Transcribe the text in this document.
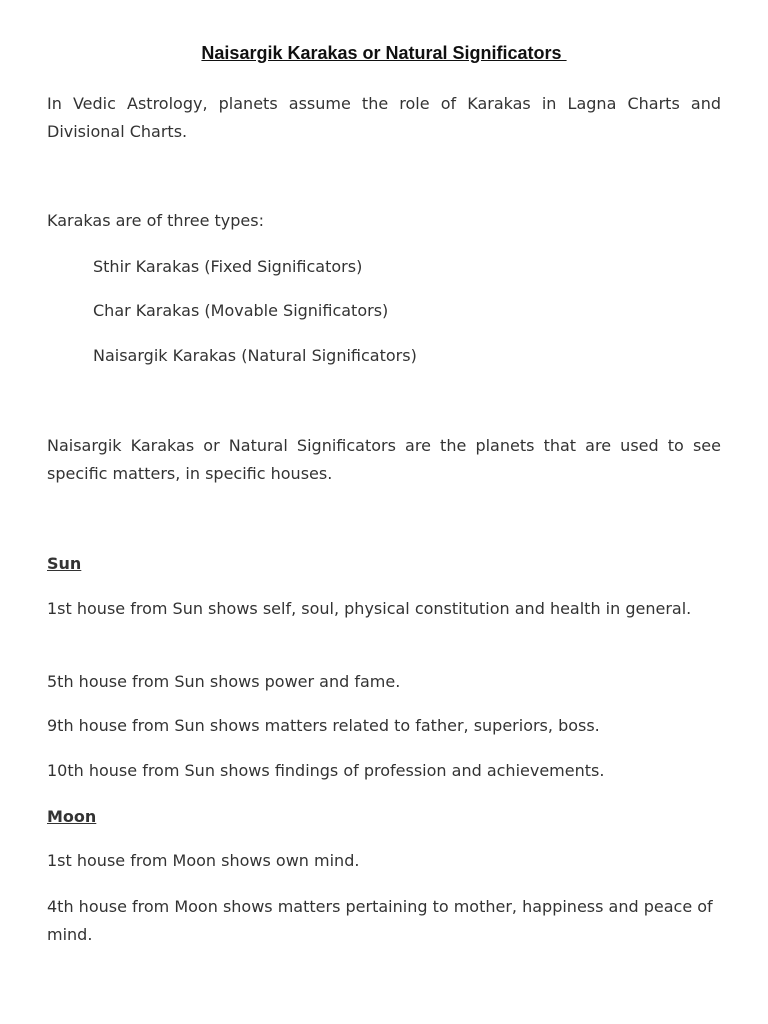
Naisargik Karakas or Natural Significators

In Vedic Astrology, planets assume the role of Karakas in Lagna Charts and Divisional Charts.

Karakas are of three types:

Sthir Karakas (Fixed Significators)

Char Karakas (Movable Significators)

Naisargik Karakas (Natural Significators)

Naisargik Karakas or Natural Significators are the planets that are used to see specific matters, in specific houses.

Sun

1st house from Sun shows self, soul, physical constitution and health in general.

5th house from Sun shows power and fame.

9th house from Sun shows matters related to father, superiors, boss.

10th house from Sun shows findings of profession and achievements.

Moon

1st house from Moon shows own mind.

4th house from Moon shows matters pertaining to mother, happiness and peace of mind.
